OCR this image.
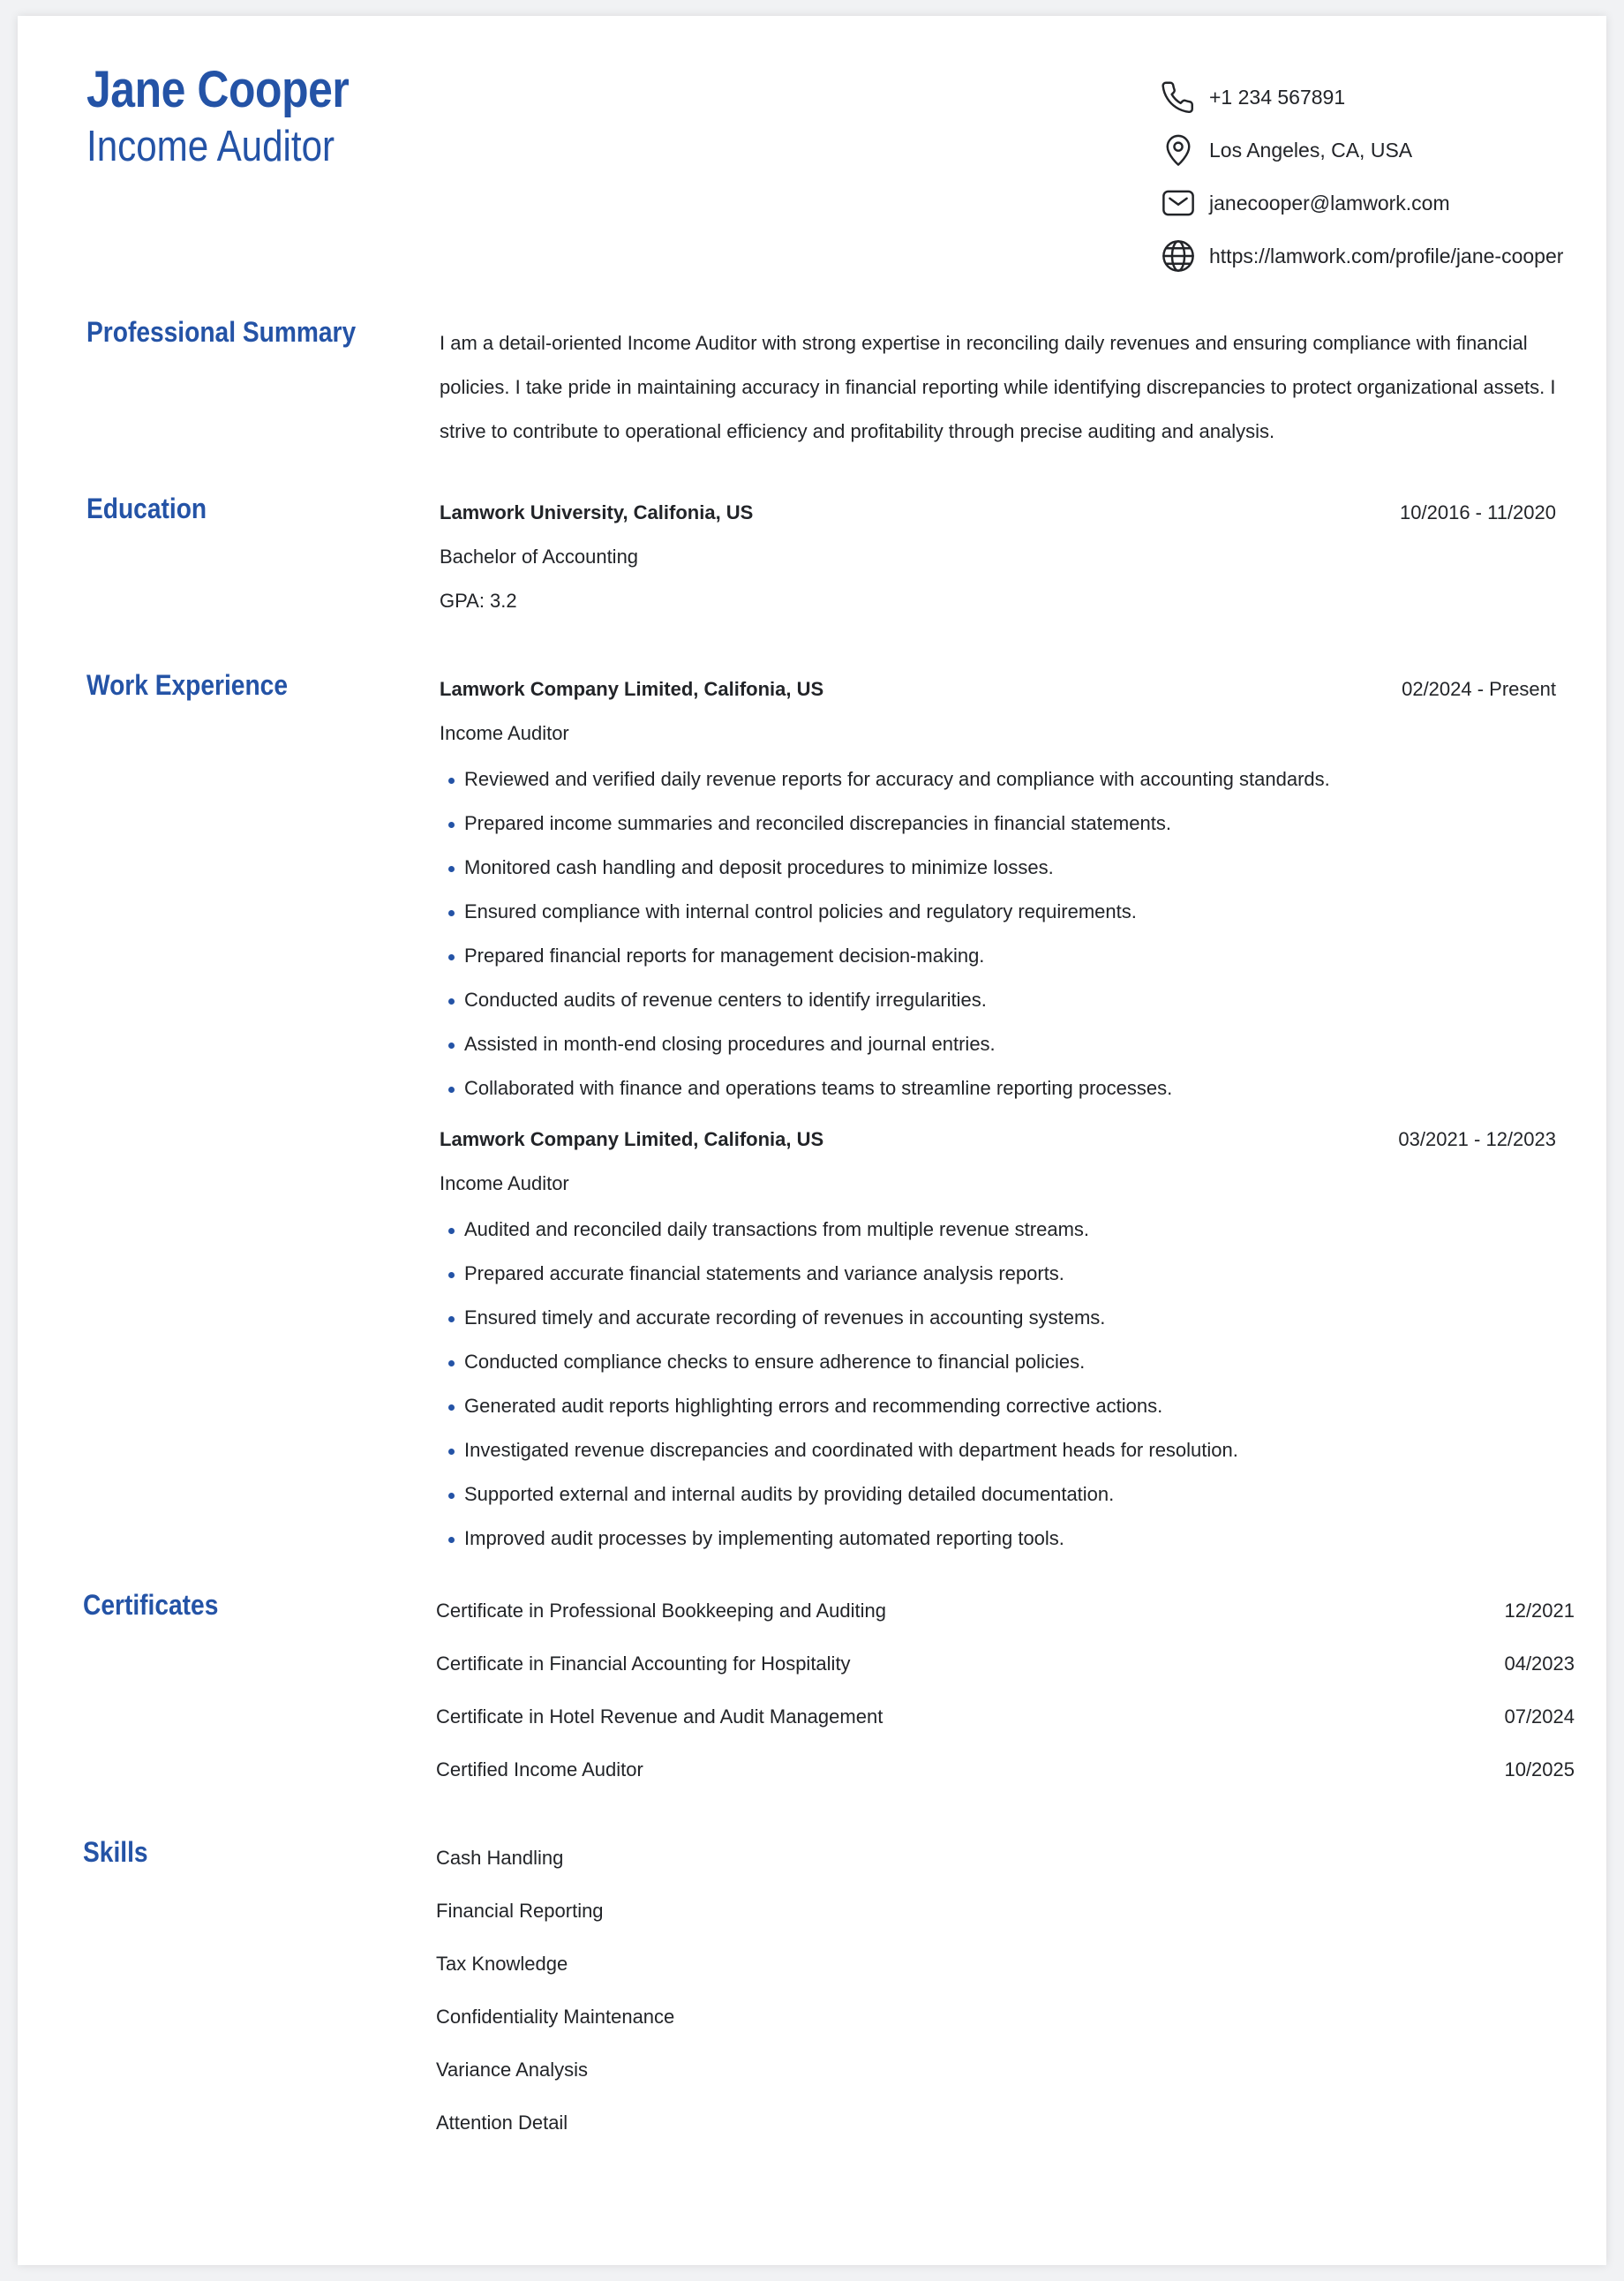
Jane Cooper
Income Auditor
+1 234 567891
Los Angeles, CA, USA
janecooper@lamwork.com
https://lamwork.com/profile/jane-cooper
Professional Summary	I am a detail-oriented Income Auditor with strong expertise in reconciling daily revenues and ensuring compliance with financial policies. I take pride in maintaining accuracy in financial reporting while identifying discrepancies to protect organizational assets. I strive to contribute to operational efficiency and profitability through precise auditing and analysis.
Education	Lamwork University, Califonia, US	10/2016 - 11/2020
Bachelor of Accounting
GPA: 3.2
Work Experience	Lamwork Company Limited, Califonia, US	02/2024 - Present
Income Auditor
Reviewed and verified daily revenue reports for accuracy and compliance with accounting standards.
Prepared income summaries and reconciled discrepancies in financial statements.
Monitored cash handling and deposit procedures to minimize losses.
Ensured compliance with internal control policies and regulatory requirements.
Prepared financial reports for management decision-making.
Conducted audits of revenue centers to identify irregularities.
Assisted in month-end closing procedures and journal entries.
Collaborated with finance and operations teams to streamline reporting processes.
Lamwork Company Limited, Califonia, US	03/2021 - 12/2023
Income Auditor
Audited and reconciled daily transactions from multiple revenue streams.
Prepared accurate financial statements and variance analysis reports.
Ensured timely and accurate recording of revenues in accounting systems.
Conducted compliance checks to ensure adherence to financial policies.
Generated audit reports highlighting errors and recommending corrective actions.
Investigated revenue discrepancies and coordinated with department heads for resolution.
Supported external and internal audits by providing detailed documentation.
Improved audit processes by implementing automated reporting tools.
Certificates	Certificate in Professional Bookkeeping and Auditing	12/2021
Certificate in Financial Accounting for Hospitality	04/2023
Certificate in Hotel Revenue and Audit Management	07/2024
Certified Income Auditor	10/2025
Skills	Cash Handling
Financial Reporting
Tax Knowledge
Confidentiality Maintenance
Variance Analysis
Attention Detail
